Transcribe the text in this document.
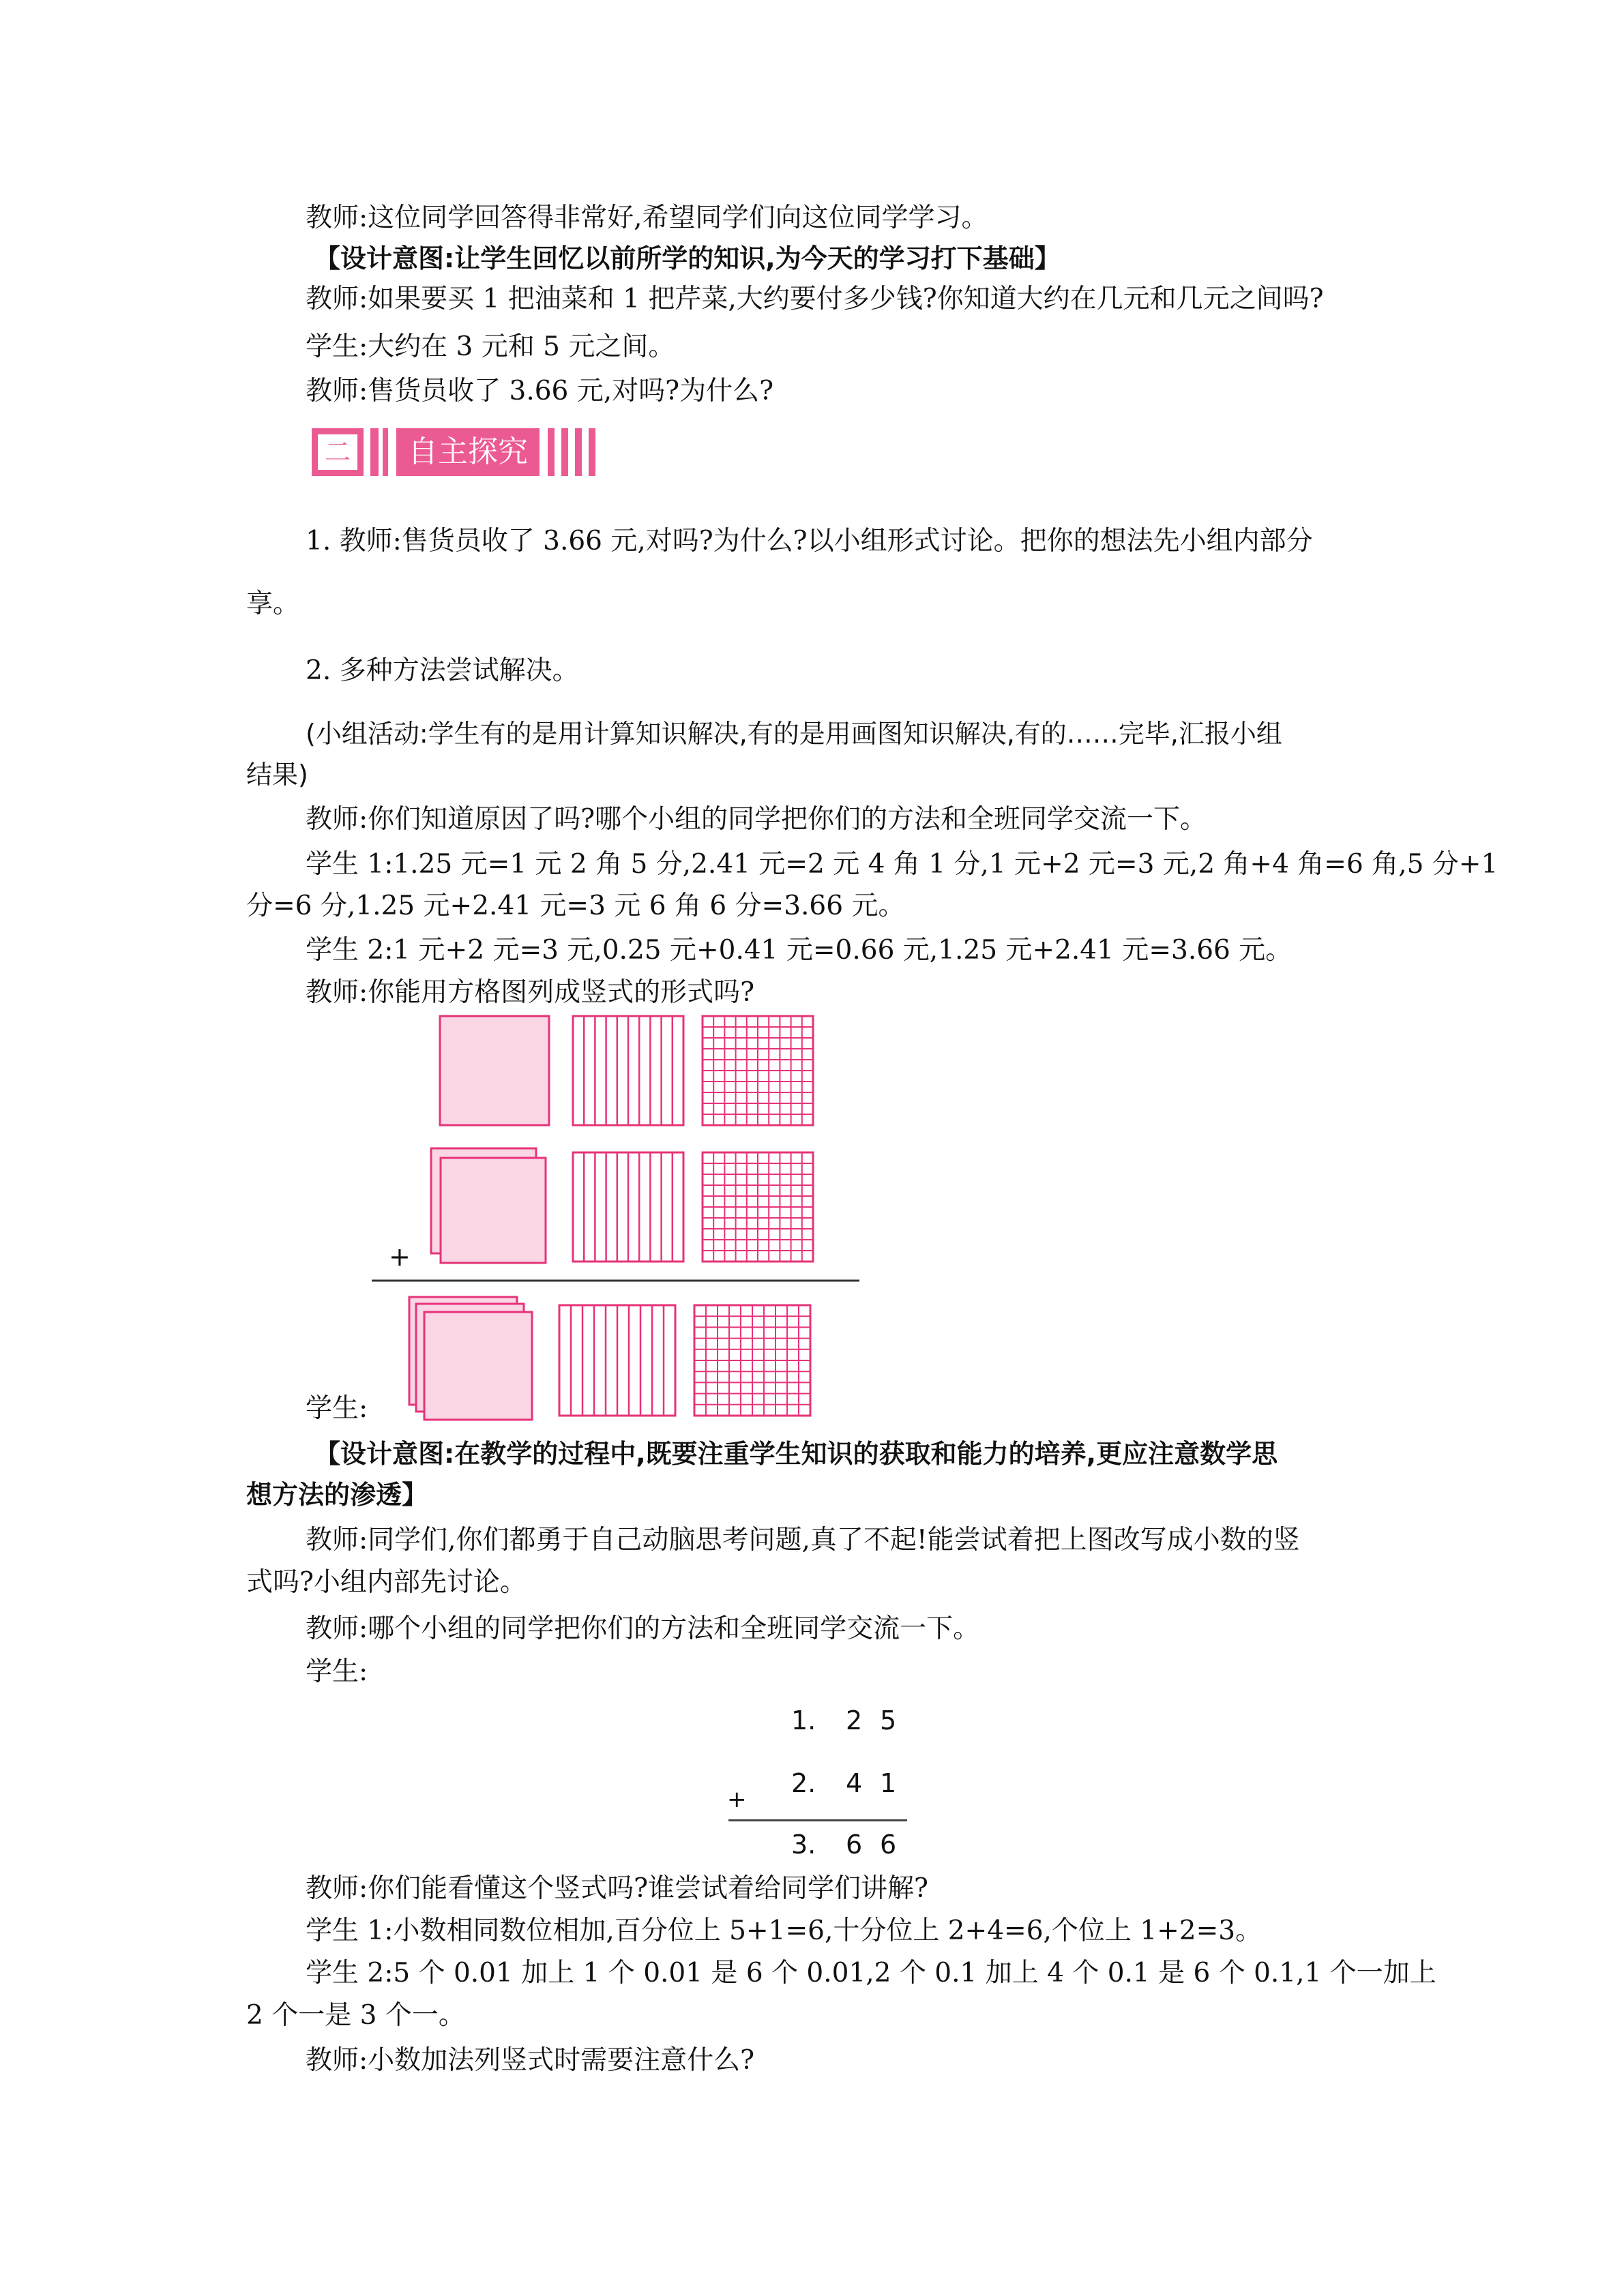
教师:这位同学回答得非常好,希望同学们向这位同学学习。
【设计意图:让学生回忆以前所学的知识,为今天的学习打下基础】
教师:如果要买 1 把油菜和 1 把芹菜,大约要付多少钱?你知道大约在几元和几元之间吗?
学生:大约在 3 元和 5 元之间。
教师:售货员收了 3.66 元,对吗?为什么?
二	自主探究
1. 教师:售货员收了 3.66 元,对吗?为什么?以小组形式讨论。把你的想法先小组内部分
享。
2. 多种方法尝试解决。
(小组活动:学生有的是用计算知识解决,有的是用画图知识解决,有的……完毕,汇报小组
结果)
教师:你们知道原因了吗?哪个小组的同学把你们的方法和全班同学交流一下。
学生 1:1.25 元=1 元 2 角 5 分,2.41 元=2 元 4 角 1 分,1 元+2 元=3 元,2 角+4 角=6 角,5 分+1
分=6 分,1.25 元+2.41 元=3 元 6 角 6 分=3.66 元。
学生 2:1 元+2 元=3 元,0.25 元+0.41 元=0.66 元,1.25 元+2.41 元=3.66 元。
教师:你能用方格图列成竖式的形式吗?
+
学生:
【设计意图:在教学的过程中,既要注重学生知识的获取和能力的培养,更应注意数学思
想方法的渗透】
教师:同学们,你们都勇于自己动脑思考问题,真了不起!能尝试着把上图改写成小数的竖
式吗?小组内部先讨论。
教师:哪个小组的同学把你们的方法和全班同学交流一下。
学生:
1. 2 5
2. 4 1
+
3. 6 6
教师:你们能看懂这个竖式吗?谁尝试着给同学们讲解?
学生 1:小数相同数位相加,百分位上 5+1=6,十分位上 2+4=6,个位上 1+2=3。
学生 2:5 个 0.01 加上 1 个 0.01 是 6 个 0.01,2 个 0.1 加上 4 个 0.1 是 6 个 0.1,1 个一加上
2 个一是 3 个一。
教师:小数加法列竖式时需要注意什么?
